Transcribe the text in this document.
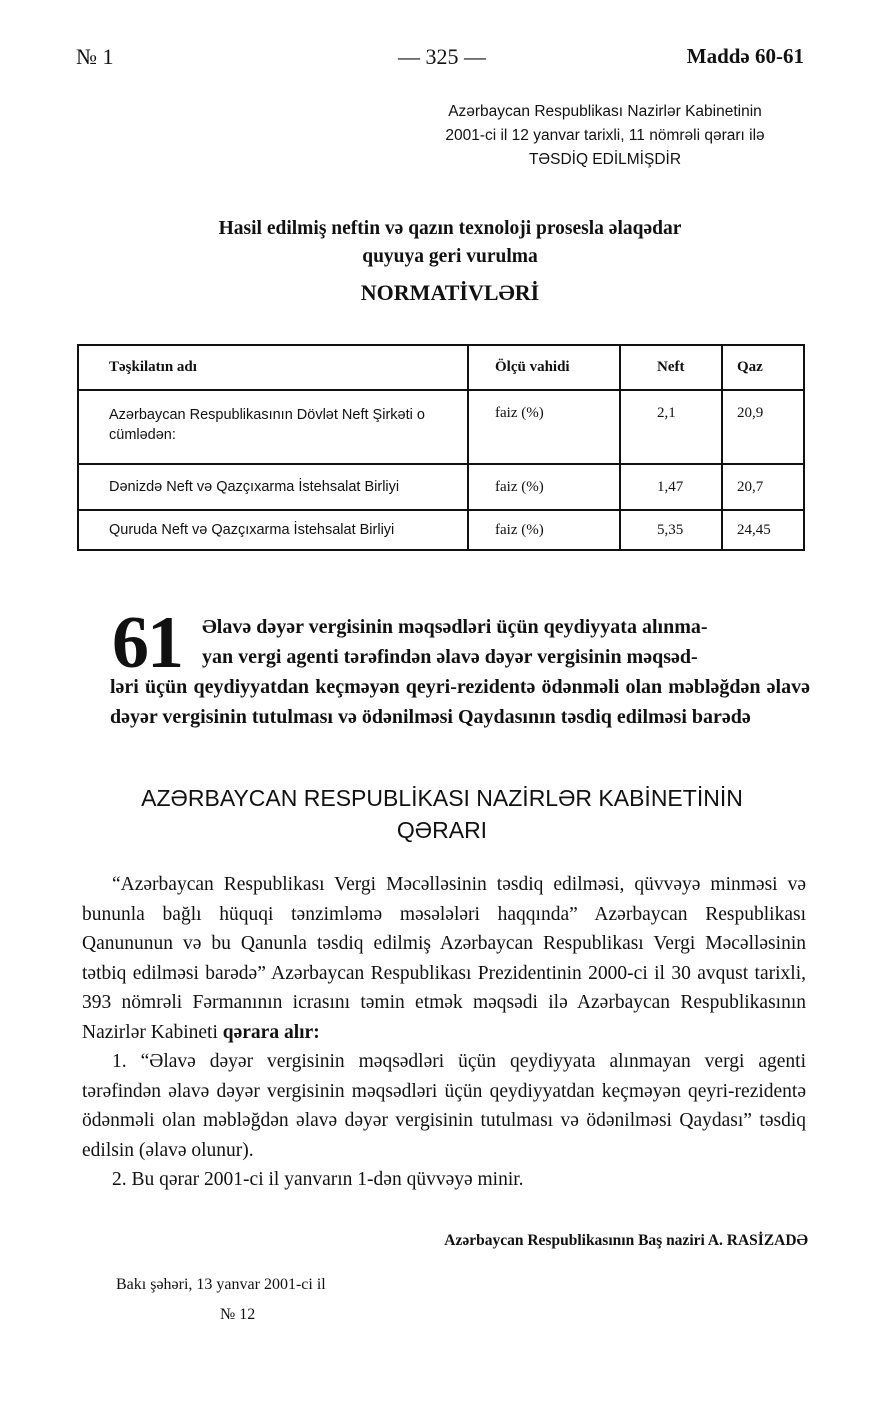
№ 1	— 325 —	Maddə 60-61
Azərbaycan Respublikası Nazirlər Kabinetinin
2001-ci il 12 yanvar tarixli, 11 nömrəli qərarı ilə
TƏSDİQ EDİLMİŞDİR
Hasil edilmiş neftin və qazın texnoloji prosesla əlaqədar
quyuya geri vurulma
NORMATİVLƏRİ
Təşkilatın adı	Ölçü vahidi	Neft	Qaz
Azərbaycan Respublikasının Dövlət Neft Şirkəti o cümlədən:	faiz (%)	2,1	20,9
Dənizdə Neft və Qazçıxarma İstehsalat Birliyi	faiz (%)	1,47	20,7
Quruda Neft və Qazçıxarma İstehsalat Birliyi	faiz (%)	5,35	24,45
61	Əlavə dəyər vergisinin məqsədləri üçün qeydiyyata alınma-
yan vergi agenti tərəfindən əlavə dəyər vergisinin məqsəd-
ləri üçün qeydiyyatdan keçməyən qeyri-rezidentə ödənməli olan məbləğdən əlavə dəyər vergisinin tutulması və ödənilməsi Qaydasının təsdiq edilməsi barədə
AZƏRBAYCAN RESPUBLİKASI NAZİRLƏR KABİNETİNİN
QƏRARI

“Azərbaycan Respublikası Vergi Məcəlləsinin təsdiq edilməsi, qüvvəyə minməsi və bununla bağlı hüquqi tənzimləmə məsələləri haqqında” Azərbaycan Respublikası Qanununun və bu Qanunla təsdiq edilmiş Azərbaycan Respublikası Vergi Məcəlləsinin tətbiq edilməsi barədə” Azərbaycan Respublikası Prezidentinin 2000-ci il 30 avqust tarixli, 393 nömrəli Fərmanının icrasını təmin etmək məqsədi ilə Azərbaycan Respublikasının Nazirlər Kabineti qərara alır:

1. “Əlavə dəyər vergisinin məqsədləri üçün qeydiyyata alınmayan vergi agenti tərəfindən əlavə dəyər vergisinin məqsədləri üçün qeydiyyatdan keçməyən qeyri-rezidentə ödənməli olan məbləğdən əlavə dəyər vergisinin tutulması və ödənilməsi Qaydası” təsdiq edilsin (əlavə olunur).

2. Bu qərar 2001-ci il yanvarın 1-dən qüvvəyə minir.

Azərbaycan Respublikasının Baş naziri A. RASİZADƏ
Bakı şəhəri, 13 yanvar 2001-ci il
№ 12
